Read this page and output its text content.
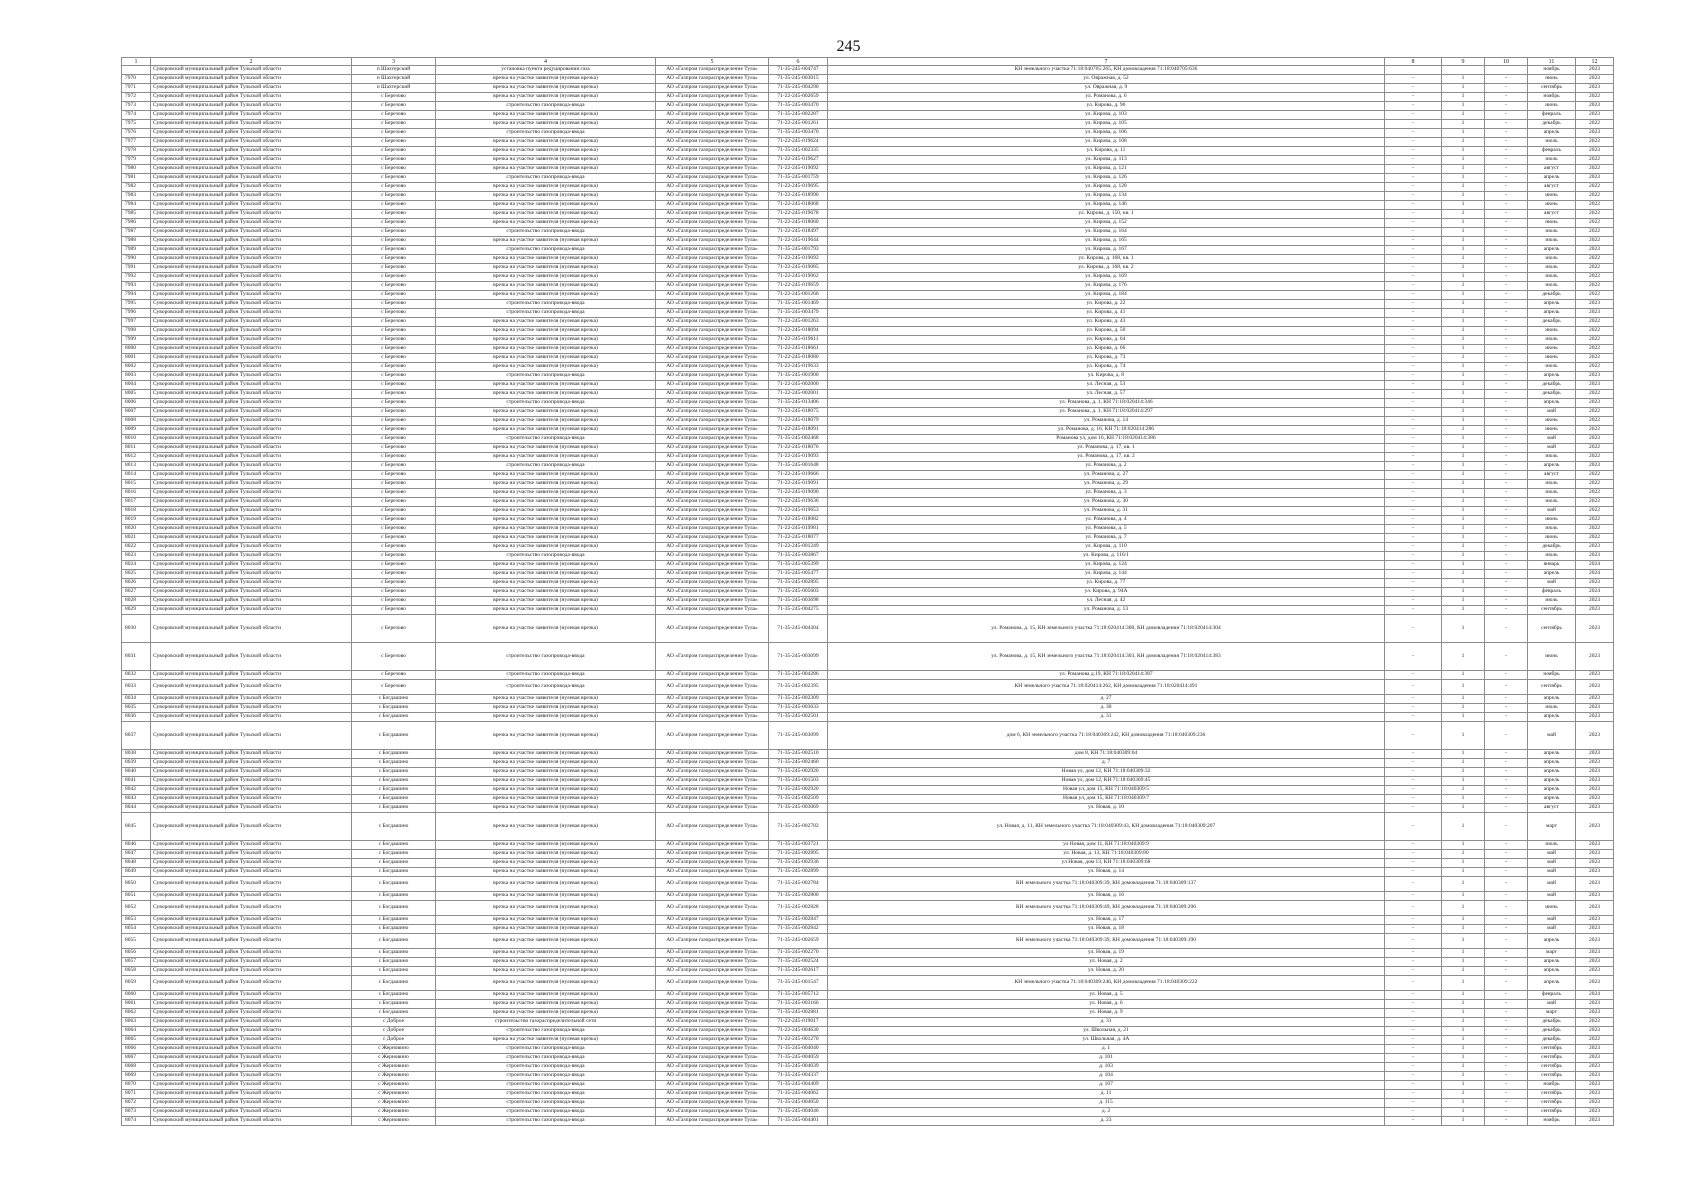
245
1	2	3	4	5	6	7	8	9	10	11	12
	Суворовский муниципальный район Тульской области	п Шахтерский	установка пункта редуцирования газа	АО «Газпром газораспределение Тула»	71-35-245-004747	КН земельного участка 71:18:040705:265, КН домовладения 71:18:040705:636				ноябрь	2023
7970	Суворовский муниципальный район Тульской области	п Шахтерский	врезка на участке заявителя (нулевая врезка)	АО «Газпром газораспределение Тула»	71-35-245-003015	ул. Овражная, д. 52	-	1	-	июнь	2023
7971	Суворовский муниципальный район Тульской области	п Шахтерский	врезка на участке заявителя (нулевая врезка)	АО «Газпром газораспределение Тула»	71-35-245-004290	ул. Овражная, д. 9	-	1	-	сентябрь	2023
7972	Суворовский муниципальный район Тульской области	с Березово	врезка на участке заявителя (нулевая врезка)	АО «Газпром газораспределение Тула»	71-22-245-002659	ул. Романова, д. 6	-	1	-	ноябрь	2022
7973	Суворовский муниципальный район Тульской области	с Березово	строительство газопровода-ввода	АО «Газпром газораспределение Тула»	71-35-245-003470	ул. Кирова, д. 96	-	1	-	июнь	2023
7974	Суворовский муниципальный район Тульской области	с Березово	врезка на участке заявителя (нулевая врезка)	АО «Газпром газораспределение Тула»	71-35-245-002287	ул. Кирова, д. 103	-	1	-	февраль	2023
7975	Суворовский муниципальный район Тульской области	с Березово	врезка на участке заявителя (нулевая врезка)	АО «Газпром газораспределение Тула»	71-22-245-001261	ул. Кирова, д. 105	-	1	-	декабрь	2022
7976	Суворовский муниципальный район Тульской области	с Березово	строительство газопровода-ввода	АО «Газпром газораспределение Тула»	71-35-245-003470	ул. Кирова, д. 106	-	1	-	апрель	2023
7977	Суворовский муниципальный район Тульской области	с Березово	врезка на участке заявителя (нулевая врезка)	АО «Газпром газораспределение Тула»	71-22-245-019624	ул. Кирова, д. 108	-	1	-	июль	2022
7978	Суворовский муниципальный район Тульской области	с Березово	врезка на участке заявителя (нулевая врезка)	АО «Газпром газораспределение Тула»	71-35-245-002335	ул. Кирова, д. 11	-	1	-	февраль	2023
7979	Суворовский муниципальный район Тульской области	с Березово	врезка на участке заявителя (нулевая врезка)	АО «Газпром газораспределение Тула»	71-22-245-019627	ул. Кирова, д. 113	-	1	-	июль	2022
7980	Суворовский муниципальный район Тульской области	с Березово	врезка на участке заявителя (нулевая врезка)	АО «Газпром газораспределение Тула»	71-22-245-019092	ул. Кирова, д. 121	-	1	-	август	2022
7981	Суворовский муниципальный район Тульской области	с Березово	строительство газопровода-ввода	АО «Газпром газораспределение Тула»	71-35-245-001759	ул. Кирова, д. 126	-	1	-	апрель	2023
7982	Суворовский муниципальный район Тульской области	с Березово	врезка на участке заявителя (нулевая врезка)	АО «Газпром газораспределение Тула»	71-22-245-019695	ул. Кирова, д. 128	-	1	-	август	2022
7983	Суворовский муниципальный район Тульской области	с Березово	врезка на участке заявителя (нулевая врезка)	АО «Газпром газораспределение Тула»	71-22-245-018990	ул. Кирова, д. 134	-	1	-	июнь	2022
7984	Суворовский муниципальный район Тульской области	с Березово	врезка на участке заявителя (нулевая врезка)	АО «Газпром газораспределение Тула»	71-22-245-018068	ул. Кирова, д. 146	-	1	-	июнь	2022
7985	Суворовский муниципальный район Тульской области	с Березово	врезка на участке заявителя (нулевая врезка)	АО «Газпром газораспределение Тула»	71-22-245-019678	ул. Кирова, д. 150, кв. 1	-	1	-	август	2022
7986	Суворовский муниципальный район Тульской области	с Березово	врезка на участке заявителя (нулевая врезка)	АО «Газпром газораспределение Тула»	71-22-245-018060	ул. Кирова, д. 152	-	1	-	июнь	2022
7987	Суворовский муниципальный район Тульской области	с Березово	строительство газопровода-ввода	АО «Газпром газораспределение Тула»	71-22-245-018497	ул. Кирова, д. 164	-	1	-	июль	2022
7988	Суворовский муниципальный район Тульской области	с Березово	врезка на участке заявителя (нулевая врезка)	АО «Газпром газораспределение Тула»	71-22-245-019644	ул. Кирова, д. 165	-	1	-	июль	2022
7989	Суворовский муниципальный район Тульской области	с Березово	строительство газопровода-ввода	АО «Газпром газораспределение Тула»	71-35-245-001793	ул. Кирова, д. 167	-	1	-	апрель	2023
7990	Суворовский муниципальный район Тульской области	с Березово	врезка на участке заявителя (нулевая врезка)	АО «Газпром газораспределение Тула»	71-22-245-019092	ул. Кирова, д. 168, кв. 1	-	1	-	июль	2022
7991	Суворовский муниципальный район Тульской области	с Березово	врезка на участке заявителя (нулевая врезка)	АО «Газпром газораспределение Тула»	71-22-245-019085	ул. Кирова, д. 168, кв. 2	-	1	-	июль	2022
7992	Суворовский муниципальный район Тульской области	с Березово	врезка на участке заявителя (нулевая врезка)	АО «Газпром газораспределение Тула»	71-22-245-019062	ул. Кирова, д. 169	-	1	-	июль	2022
7993	Суворовский муниципальный район Тульской области	с Березово	врезка на участке заявителя (нулевая врезка)	АО «Газпром газораспределение Тула»	71-22-245-019659	ул. Кирова, д. 176	-	1	-	июль	2022
7994	Суворовский муниципальный район Тульской области	с Березово	врезка на участке заявителя (нулевая врезка)	АО «Газпром газораспределение Тула»	71-22-245-001266	ул. Кирова, д. 184	-	1	-	декабрь	2022
7995	Суворовский муниципальный район Тульской области	с Березово	строительство газопровода-ввода	АО «Газпром газораспределение Тула»	71-35-245-001469	ул. Кирова, д. 22	-	1	-	апрель	2023
7996	Суворовский муниципальный район Тульской области	с Березово	строительство газопровода-ввода	АО «Газпром газораспределение Тула»	71-35-245-003479	ул. Кирова, д. 41	-	1	-	апрель	2023
7997	Суворовский муниципальный район Тульской области	с Березово	врезка на участке заявителя (нулевая врезка)	АО «Газпром газораспределение Тула»	71-22-245-001263	ул. Кирова, д. 43	-	1	-	декабрь	2022
7998	Суворовский муниципальный район Тульской области	с Березово	врезка на участке заявителя (нулевая врезка)	АО «Газпром газораспределение Тула»	71-22-245-018094	ул. Кирова, д. 50	-	1	-	июнь	2022
7999	Суворовский муниципальный район Тульской области	с Березово	врезка на участке заявителя (нулевая врезка)	АО «Газпром газораспределение Тула»	71-22-245-019611	ул. Кирова, д. 64	-	1	-	июль	2022
8000	Суворовский муниципальный район Тульской области	с Березово	врезка на участке заявителя (нулевая врезка)	АО «Газпром газораспределение Тула»	71-22-245-018661	ул. Кирова, д. 66	-	1	-	июнь	2022
8001	Суворовский муниципальный район Тульской области	с Березово	врезка на участке заявителя (нулевая врезка)	АО «Газпром газораспределение Тула»	71-22-245-018080	ул. Кирова, д. 73	-	1	-	июнь	2022
8002	Суворовский муниципальный район Тульской области	с Березово	врезка на участке заявителя (нулевая врезка)	АО «Газпром газораспределение Тула»	71-22-245-019633	ул. Кирова, д. 74	-	1	-	июль	2022
8003	Суворовский муниципальный район Тульской области	с Березово	строительство газопровода-ввода	АО «Газпром газораспределение Тула»	71-35-245-001900	ул. Кирова, д. 8	-	1	-	апрель	2023
8004	Суворовский муниципальный район Тульской области	с Березово	врезка на участке заявителя (нулевая врезка)	АО «Газпром газораспределение Тула»	71-22-245-002000	ул. Лесная, д. 53	-	1	-	декабрь	2023
8005	Суворовский муниципальный район Тульской области	с Березово	врезка на участке заявителя (нулевая врезка)	АО «Газпром газораспределение Тула»	71-22-245-002001	ул. Лесная, д. 57	-	1	-	декабрь	2022
8006	Суворовский муниципальный район Тульской области	с Березово	строительство газопровода-ввода	АО «Газпром газораспределение Тула»	71-35-245-013486	ул. Романова, д. 1, КН 71:18:020414:346	-	1	-	апрель	2023
8007	Суворовский муниципальный район Тульской области	с Березово	врезка на участке заявителя (нулевая врезка)	АО «Газпром газораспределение Тула»	71-22-245-018075	ул. Романова, д. 1, КН 71:18:020414:297	-	1	-	май	2022
8008	Суворовский муниципальный район Тульской области	с Березово	врезка на участке заявителя (нулевая врезка)	АО «Газпром газораспределение Тула»	71-22-245-018079	ул. Романова, д. 14	-	1	-	июнь	2022
8009	Суворовский муниципальный район Тульской области	с Березово	врезка на участке заявителя (нулевая врезка)	АО «Газпром газораспределение Тула»	71-22-245-018091	ул. Романова, д. 16, КН 71:18:020414:286	-	1	-	июнь	2022
8010	Суворовский муниципальный район Тульской области	с Березово	строительство газопровода-ввода	АО «Газпром газораспределение Тула»	71-35-245-002468	Романова ул, дом 16, КН 71:18:020414:386	-	1	-	май	2023
8011	Суворовский муниципальный район Тульской области	с Березово	врезка на участке заявителя (нулевая врезка)	АО «Газпром газораспределение Тула»	71-22-245-018076	ул. Романова, д. 17, кв. 1	-	1	-	май	2022
8012	Суворовский муниципальный район Тульской области	с Березово	врезка на участке заявителя (нулевая врезка)	АО «Газпром газораспределение Тула»	71-22-245-019093	ул. Романова, д. 17, кв. 2	-	1	-	июль	2022
8013	Суворовский муниципальный район Тульской области	с Березово	строительство газопровода-ввода	АО «Газпром газораспределение Тула»	71-35-245-001648	ул. Романова, д. 2	-	1	-	апрель	2023
8014	Суворовский муниципальный район Тульской области	с Березово	врезка на участке заявителя (нулевая врезка)	АО «Газпром газораспределение Тула»	71-22-245-019666	ул. Романова, д. 27	-	1	-	август	2022
8015	Суворовский муниципальный район Тульской области	с Березово	врезка на участке заявителя (нулевая врезка)	АО «Газпром газораспределение Тула»	71-22-245-019091	ул. Романова, д. 29	-	1	-	июль	2022
8016	Суворовский муниципальный район Тульской области	с Березово	врезка на участке заявителя (нулевая врезка)	АО «Газпром газораспределение Тула»	71-22-245-019090	ул. Романова, д. 3	-	1	-	июль	2022
8017	Суворовский муниципальный район Тульской области	с Березово	врезка на участке заявителя (нулевая врезка)	АО «Газпром газораспределение Тула»	71-22-245-019636	ул. Романова, д. 30	-	1	-	июль	2022
8018	Суворовский муниципальный район Тульской области	с Березово	врезка на участке заявителя (нулевая врезка)	АО «Газпром газораспределение Тула»	71-22-245-019653	ул. Романова, д. 31	-	1	-	май	2022
8019	Суворовский муниципальный район Тульской области	с Березово	врезка на участке заявителя (нулевая врезка)	АО «Газпром газораспределение Тула»	71-22-245-018082	ул. Романова, д. 4	-	1	-	июнь	2022
8020	Суворовский муниципальный район Тульской области	с Березово	врезка на участке заявителя (нулевая врезка)	АО «Газпром газораспределение Тула»	71-22-245-019981	ул. Романова, д. 5	-	1	-	июль	2022
8021	Суворовский муниципальный район Тульской области	с Березово	врезка на участке заявителя (нулевая врезка)	АО «Газпром газораспределение Тула»	71-22-245-018077	ул. Романова, д. 7	-	1	-	июнь	2022
8022	Суворовский муниципальный район Тульской области	с Березово	врезка на участке заявителя (нулевая врезка)	АО «Газпром газораспределение Тула»	71-22-245-001249	ул. Кирова, д. 110	-	1	-	декабрь	2023
8023	Суворовский муниципальный район Тульской области	с Березово	строительство газопровода-ввода	АО «Газпром газораспределение Тула»	71-35-245-003867	ул. Кирова, д. 116/1	-	1	-	июль	2023
8024	Суворовский муниципальный район Тульской области	с Березово	врезка на участке заявителя (нулевая врезка)	АО «Газпром газораспределение Тула»	71-35-245-005399	ул. Кирова, д. 124	-	1	-	январь	2024
8025	Суворовский муниципальный район Тульской области	с Березово	врезка на участке заявителя (нулевая врезка)	АО «Газпром газораспределение Тула»	71-35-245-005477	ул. Кирова, д. 144	-	1	-	апрель	2024
8026	Суворовский муниципальный район Тульской области	с Березово	врезка на участке заявителя (нулевая врезка)	АО «Газпром газораспределение Тула»	71-35-245-002895	ул. Кирова, д. 77	-	1	-	май	2023
8027	Суворовский муниципальный район Тульской области	с Березово	врезка на участке заявителя (нулевая врезка)	АО «Газпром газораспределение Тула»	71-35-245-005603	ул. Кирова, д. 94А	-	1	-	февраль	2024
8028	Суворовский муниципальный район Тульской области	с Березово	врезка на участке заявителя (нулевая врезка)	АО «Газпром газораспределение Тула»	71-35-245-003698	ул. Лесная, д. 42	-	1	-	июль	2023
8029	Суворовский муниципальный район Тульской области	с Березово	врезка на участке заявителя (нулевая врезка)	АО «Газпром газораспределение Тула»	71-35-245-004275	ул. Романова, д. 13	-	1	-	сентябрь	2023
8030	Суворовский муниципальный район Тульской области	с Березово	врезка на участке заявителя (нулевая врезка)	АО «Газпром газораспределение Тула»	71-35-245-004304	ул. Романова, д. 15, КН земельного участка 71:18:020414:300, КН домовладения 71:18:020414:304	-	1	-	сентябрь	2023
8031	Суворовский муниципальный район Тульской области	с Березово	строительство газопровода-ввода	АО «Газпром газораспределение Тула»	71-35-245-003099	ул. Романова, д. 15, КН земельного участка 71:18:020414:303, КН домовладения 71:18:020414:383	-	1	-	июнь	2023
8032	Суворовский муниципальный район Тульской области	с Березово	строительство газопровода-ввода	АО «Газпром газораспределение Тула»	71-35-245-004286	ул. Романова д.19, КН 71:18:020414:387	-	1	-	ноябрь	2023
8033	Суворовский муниципальный район Тульской области	с Березово	строительство газопровода-ввода	АО «Газпром газораспределение Тула»	71-35-245-002395	КН земельного участка 71:18:020414:262, КН домовладения 71:18:020414:491	-	1	-	сентябрь	2023
8034	Суворовский муниципальный район Тульской области	с Богдашино	врезка на участке заявителя (нулевая врезка)	АО «Газпром газораспределение Тула»	71-35-245-002309	д. 27	-	1	-	апрель	2023
8035	Суворовский муниципальный район Тульской области	с Богдашино	врезка на участке заявителя (нулевая врезка)	АО «Газпром газораспределение Тула»	71-35-245-003633	д. 30	-	1	-	июль	2023
8036	Суворовский муниципальный район Тульской области	с Богдашино	врезка на участке заявителя (нулевая врезка)	АО «Газпром газораспределение Тула»	71-35-245-002501	д. 31	-	1	-	апрель	2023
8037	Суворовский муниципальный район Тульской области	с Богдашино	врезка на участке заявителя (нулевая врезка)	АО «Газпром газораспределение Тула»	71-35-245-003099	дом 6, КН земельного участка 71:18:040309:242, КН домовладения 71:18:040309:236	-	1	-	май	2023
8038	Суворовский муниципальный район Тульской области	с Богдашино	врезка на участке заявителя (нулевая врезка)	АО «Газпром газораспределение Тула»	71-35-245-002510	дом 8, КН 71:18:040309:64	-	1	-	апрель	2023
8039	Суворовский муниципальный район Тульской области	с Богдашино	врезка на участке заявителя (нулевая врезка)	АО «Газпром газораспределение Тула»	71-35-245-002460	д. 7	-	1	-	апрель	2023
8040	Суворовский муниципальный район Тульской области	с Богдашино	врезка на участке заявителя (нулевая врезка)	АО «Газпром газораспределение Тула»	71-35-245-002920	Новая ул, дом 12, КН 71:18:040309:32	-	1	-	апрель	2023
8041	Суворовский муниципальный район Тульской области	с Богдашино	врезка на участке заявителя (нулевая врезка)	АО «Газпром газораспределение Тула»	71-35-245-001503	Новая ул, дом 12, КН 71:18:040309:45	-	1	-	апрель	2023
8042	Суворовский муниципальный район Тульской области	с Богдашино	врезка на участке заявителя (нулевая врезка)	АО «Газпром газораспределение Тула»	71-35-245-002920	Новая ул, дом 15, КН 71:18:040309:5	-	1	-	апрель	2023
8043	Суворовский муниципальный район Тульской области	с Богдашино	врезка на участке заявителя (нулевая врезка)	АО «Газпром газораспределение Тула»	71-35-245-002509	Новая ул, дом 15, КН 71:18:040309:7	-	1	-	апрель	2023
8044	Суворовский муниципальный район Тульской области	с Богдашино	врезка на участке заявителя (нулевая врезка)	АО «Газпром газораспределение Тула»	71-35-245-003069	ул. Новая, д. 10	-	1	-	август	2023
8045	Суворовский муниципальный район Тульской области	с Богдашино	врезка на участке заявителя (нулевая врезка)	АО «Газпром газораспределение Тула»	71-35-245-002782	ул. Новая, д. 11, КН земельного участка 71:18:040309:43, КН домовладения 71:18:040309:207	-	1	-	март	2023
8046	Суворовский муниципальный район Тульской области	с Богдашино	врезка на участке заявителя (нулевая врезка)	АО «Газпром газораспределение Тула»	71-35-245-003721	ул Новая, дом 11, КН 71:18:040309:9	-	1	-	июль	2023
8047	Суворовский муниципальный район Тульской области	с Богдашино	врезка на участке заявителя (нулевая врезка)	АО «Газпром газораспределение Тула»	71-35-245-002895	ул. Новая, д. 13, КН 71:18:040309:80	-	1	-	май	2023
8048	Суворовский муниципальный район Тульской области	с Богдашино	врезка на участке заявителя (нулевая врезка)	АО «Газпром газораспределение Тула»	71-35-245-002936	ул Новая, дом 13, КН 71:18:040309:68	-	1	-	май	2023
8049	Суворовский муниципальный район Тульской области	с Богдашино	врезка на участке заявителя (нулевая врезка)	АО «Газпром газораспределение Тула»	71-35-245-002899	ул. Новая, д. 14	-	1	-	май	2023
8050	Суворовский муниципальный район Тульской области	с Богдашино	врезка на участке заявителя (нулевая врезка)	АО «Газпром газораспределение Тула»	71-35-245-002784	КН земельного участка 71:18:040309:39, КН домовладения 71:18:040309:137	-	1	-	май	2023
8051	Суворовский муниципальный район Тульской области	с Богдашино	врезка на участке заявителя (нулевая врезка)	АО «Газпром газораспределение Тула»	71-35-245-002800	ул. Новая, д. 16	-	1	-	май	2023
8052	Суворовский муниципальный район Тульской области	с Богдашино	врезка на участке заявителя (нулевая врезка)	АО «Газпром газораспределение Тула»	71-35-245-002828	КН земельного участка 71:18:040309:49, КН домовладения 71:18:040309:206	-	1	-	июнь	2023
8053	Суворовский муниципальный район Тульской области	с Богдашино	врезка на участке заявителя (нулевая врезка)	АО «Газпром газораспределение Тула»	71-35-245-002847	ул. Новая, д. 17	-	1	-	май	2023
8054	Суворовский муниципальный район Тульской области	с Богдашино	врезка на участке заявителя (нулевая врезка)	АО «Газпром газораспределение Тула»	71-35-245-002842	ул. Новая, д. 18	-	1	-	май	2023
8055	Суворовский муниципальный район Тульской области	с Богдашино	врезка на участке заявителя (нулевая врезка)	АО «Газпром газораспределение Тула»	71-35-245-002659	КН земельного участка 71:18:040309:39, КН домовладения 71:18:040309:190	-	1	-	апрель	2023
8056	Суворовский муниципальный район Тульской области	с Богдашино	врезка на участке заявителя (нулевая врезка)	АО «Газпром газораспределение Тула»	71-35-245-002270	ул. Новая, д. 19	-	1	-	март	2023
8057	Суворовский муниципальный район Тульской области	с Богдашино	врезка на участке заявителя (нулевая врезка)	АО «Газпром газораспределение Тула»	71-35-245-002524	ул. Новая, д. 2	-	1	-	апрель	2023
8058	Суворовский муниципальный район Тульской области	с Богдашино	врезка на участке заявителя (нулевая врезка)	АО «Газпром газораспределение Тула»	71-35-245-002617	ул. Новая, д. 20	-	1	-	апрель	2023
8059	Суворовский муниципальный район Тульской области	с Богдашино	врезка на участке заявителя (нулевая врезка)	АО «Газпром газораспределение Тула»	71-35-245-001547	КН земельного участка 71:18:040309:246, КН домовладения 71:18:040309:222	-	1	-	апрель	2023
8060	Суворовский муниципальный район Тульской области	с Богдашино	врезка на участке заявителя (нулевая врезка)	АО «Газпром газораспределение Тула»	71-35-245-005712	ул. Новая, д. 5	-	1	-	февраль	2024
8061	Суворовский муниципальный район Тульской области	с Богдашино	врезка на участке заявителя (нулевая врезка)	АО «Газпром газораспределение Тула»	71-35-245-003166	ул. Новая, д. 6	-	1	-	май	2023
8062	Суворовский муниципальный район Тульской области	с Богдашино	врезка на участке заявителя (нулевая врезка)	АО «Газпром газораспределение Тула»	71-35-245-002881	ул. Новая, д. 9	-	1	-	март	2023
8063	Суворовский муниципальный район Тульской области	с Доброе	строительство газораспределительной сети	АО «Газпром газораспределение Тула»	71-22-245-019017	д. 31	-	1	-	декабрь	2022
8064	Суворовский муниципальный район Тульской области	с Доброе	строительство газопровода-ввода	АО «Газпром газораспределение Тула»	71-22-245-004630	ул. Школьная, д. 21	-	1	-	декабрь	2023
8065	Суворовский муниципальный район Тульской области	с Доброе	врезка на участке заявителя (нулевая врезка)	АО «Газпром газораспределение Тула»	71-22-245-001270	ул. Школьная, д. 4А	-	1	-	декабрь	2022
8066	Суворовский муниципальный район Тульской области	с Жерновино	строительство газопровода-ввода	АО «Газпром газораспределение Тула»	71-35-245-004040	д. 1	-	1	-	сентябрь	2023
8067	Суворовский муниципальный район Тульской области	с Жерновино	строительство газопровода-ввода	АО «Газпром газораспределение Тула»	71-35-245-004059	д. 101	-	1	-	сентябрь	2023
8068	Суворовский муниципальный район Тульской области	с Жерновино	строительство газопровода-ввода	АО «Газпром газораспределение Тула»	71-35-245-004039	д. 103	-	1	-	сентябрь	2023
8069	Суворовский муниципальный район Тульской области	с Жерновино	строительство газопровода-ввода	АО «Газпром газораспределение Тула»	71-35-245-004337	д. 104	-	1	-	сентябрь	2023
8070	Суворовский муниципальный район Тульской области	с Жерновино	строительство газопровода-ввода	АО «Газпром газораспределение Тула»	71-35-245-004409	д. 107	-	1	-	ноябрь	2023
8071	Суворовский муниципальный район Тульской области	с Жерновино	строительство газопровода-ввода	АО «Газпром газораспределение Тула»	71-35-245-004062	д. 11	-	1	-	сентябрь	2023
8072	Суворовский муниципальный район Тульской области	с Жерновино	строительство газопровода-ввода	АО «Газпром газораспределение Тула»	71-35-245-004050	д. 115	-	1	-	сентябрь	2023
8073	Суворовский муниципальный район Тульской области	с Жерновино	строительство газопровода-ввода	АО «Газпром газораспределение Тула»	71-35-245-004046	д. 2	-	1	-	сентябрь	2023
8074	Суворовский муниципальный район Тульской области	с Жерновино	строительство газопровода-ввода	АО «Газпром газораспределение Тула»	71-35-245-004401	д. 23	-	1	-	ноябрь	2023
